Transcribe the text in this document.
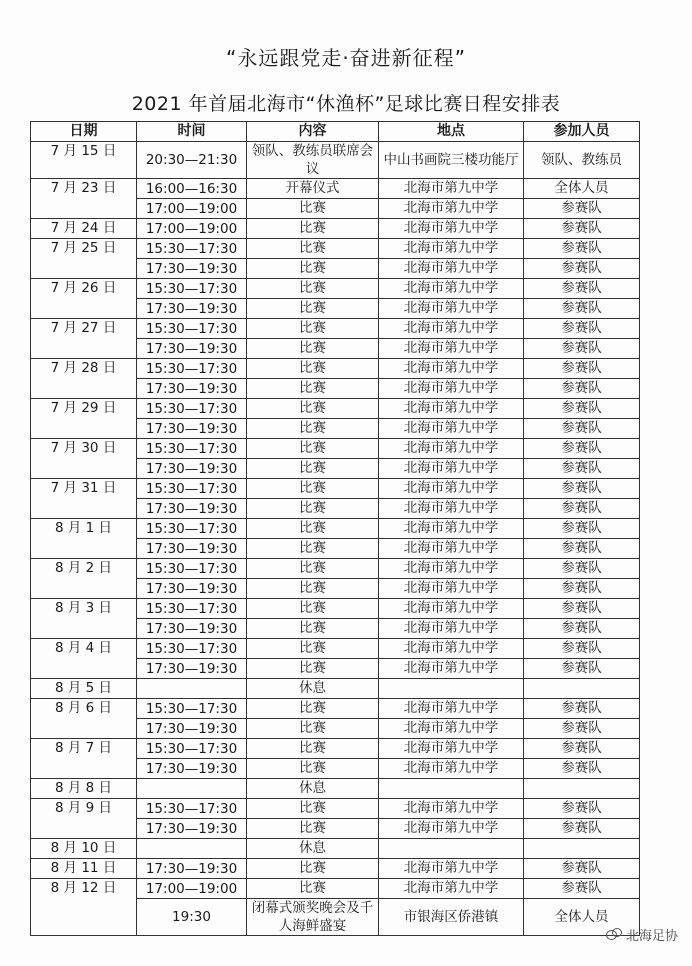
“永远跟党走·奋进新征程”
2021 年首届北海市“休渔杯”足球比赛日程安排表
日期	时间	内容	地点	参加人员
7 月 15 日	20:30—21:30	领队、教练员联席会议	中山书画院三楼功能厅	领队、教练员
7 月 23 日	16:00—16:30	开幕仪式	北海市第九中学	全体人员
	17:00—19:00	比赛	北海市第九中学	参赛队
7 月 24 日	17:00—19:00	比赛	北海市第九中学	参赛队
7 月 25 日	15:30—17:30	比赛	北海市第九中学	参赛队
	17:30—19:30	比赛	北海市第九中学	参赛队
7 月 26 日	15:30—17:30	比赛	北海市第九中学	参赛队
	17:30—19:30	比赛	北海市第九中学	参赛队
7 月 27 日	15:30—17:30	比赛	北海市第九中学	参赛队
	17:30—19:30	比赛	北海市第九中学	参赛队
7 月 28 日	15:30—17:30	比赛	北海市第九中学	参赛队
	17:30—19:30	比赛	北海市第九中学	参赛队
7 月 29 日	15:30—17:30	比赛	北海市第九中学	参赛队
	17:30—19:30	比赛	北海市第九中学	参赛队
7 月 30 日	15:30—17:30	比赛	北海市第九中学	参赛队
	17:30—19:30	比赛	北海市第九中学	参赛队
7 月 31 日	15:30—17:30	比赛	北海市第九中学	参赛队
	17:30—19:30	比赛	北海市第九中学	参赛队
8 月 1 日	15:30—17:30	比赛	北海市第九中学	参赛队
	17:30—19:30	比赛	北海市第九中学	参赛队
8 月 2 日	15:30—17:30	比赛	北海市第九中学	参赛队
	17:30—19:30	比赛	北海市第九中学	参赛队
8 月 3 日	15:30—17:30	比赛	北海市第九中学	参赛队
	17:30—19:30	比赛	北海市第九中学	参赛队
8 月 4 日	15:30—17:30	比赛	北海市第九中学	参赛队
	17:30—19:30	比赛	北海市第九中学	参赛队
8 月 5 日		休息		
8 月 6 日	15:30—17:30	比赛	北海市第九中学	参赛队
	17:30—19:30	比赛	北海市第九中学	参赛队
8 月 7 日	15:30—17:30	比赛	北海市第九中学	参赛队
	17:30—19:30	比赛	北海市第九中学	参赛队
8 月 8 日		休息		
8 月 9 日	15:30—17:30	比赛	北海市第九中学	参赛队
	17:30—19:30	比赛	北海市第九中学	参赛队
8 月 10 日		休息		
8 月 11 日	17:30—19:30	比赛	北海市第九中学	参赛队
8 月 12 日	17:00—19:00	比赛	北海市第九中学	参赛队
	19:30	闭幕式颁奖晚会及千人海鲜盛宴	市银海区侨港镇	全体人员
北海足协
